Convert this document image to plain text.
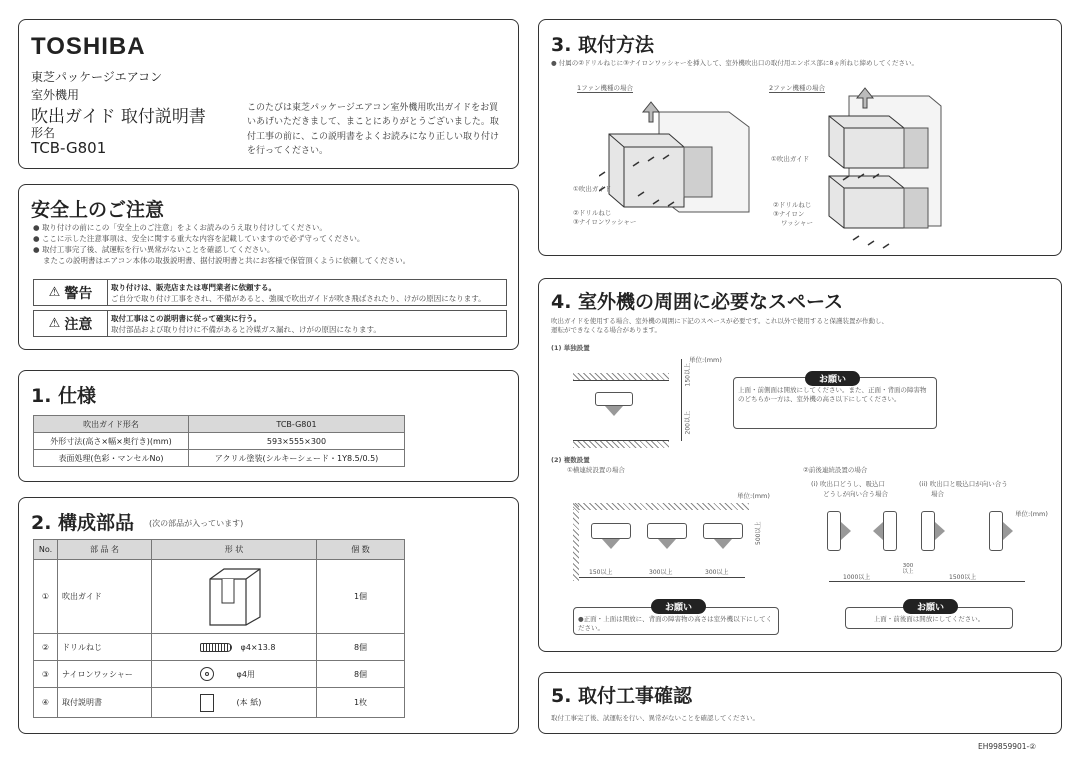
TOSHIBA
東芝パッケージエアコン
室外機用
吹出ガイド 取付説明書
形名
TCB-G801
このたびは東芝パッケージエアコン室外機用吹出ガイドをお買いあげいただきまして、まことにありがとうございました。取付工事の前に、この説明書をよくお読みになり正しい取り付けを行ってください。
安全上のご注意
● 取り付けの前にこの「安全上のご注意」をよくお読みのうえ取り付けしてください。
● ここに示した注意事項は、安全に関する重大な内容を記載していますので必ず守ってください。
● 取付工事完了後、試運転を行い異常がないことを確認してください。
またこの説明書はエアコン本体の取扱説明書、据付説明書と共にお客様で保管頂くように依頼してください。
⚠ 警告 取り付けは、販売店または専門業者に依頼する。
ご自分で取り付け工事をされ、不備があると、強風で吹出ガイドが吹き飛ばされたり、けがの原因になります。
⚠ 注意 取付工事はこの説明書に従って確実に行う。
取付部品および取り付けに不備があると冷媒ガス漏れ、けがの原因になります。
1. 仕様
吹出ガイド形名	TCB-G801
外形寸法(高さ×幅×奥行き)(mm)	593×555×300
表面処理(色彩・マンセルNo)	アクリル塗装(シルキーシェード・1Y8.5/0.5)
2. 構成部品 (次の部品が入っています)
No.	部 品 名	形 状	個 数
①	吹出ガイド		1個
②	ドリルねじ	φ4×13.8	8個
③	ナイロンワッシャー	φ4用	8個
④	取付説明書	(本 紙)	1枚
3. 取付方法
● 付属の②ドリルねじに③ナイロンワッシャーを挿入して、室外機吹出口の取付用エンボス部に8ヵ所ねじ締めしてください。
1ファン機種の場合	2ファン機種の場合
①吹出ガイド
②ドリルねじ
③ナイロンワッシャー
①吹出ガイド
②ドリルねじ
③ナイロン
ワッシャー
4. 室外機の周囲に必要なスペース
吹出ガイドを使用する場合、室外機の周囲に下記のスペースが必要です。これ以外で使用すると保護装置が作動し、
運転ができなくなる場合があります。
(1) 単独設置
150以上
200以上
単位:(mm)
上面・前側面は開放にしてください。また、正面・背面の障害物のどちらか一方は、室外機の高さ以下にしてください。
お願い
(2) 複数設置
①横連続設置の場合	②前後連続設置の場合
(i) 吹出口どうし、吸込口
どうしが向い合う場合
(ii) 吹出口と吸込口が向い合う
場合
単位:(mm)
150以上	300以上	300以上
500以上
●正面・上面は開放に、背面の障害物の高さは室外機以下にしてください。
お願い
単位:(mm)
1000以上
300以上
1500以上
上面・前後面は開放にしてください。
お願い
5. 取付工事確認
取付工事完了後、試運転を行い、異常がないことを確認してください。
EH99859901-②
